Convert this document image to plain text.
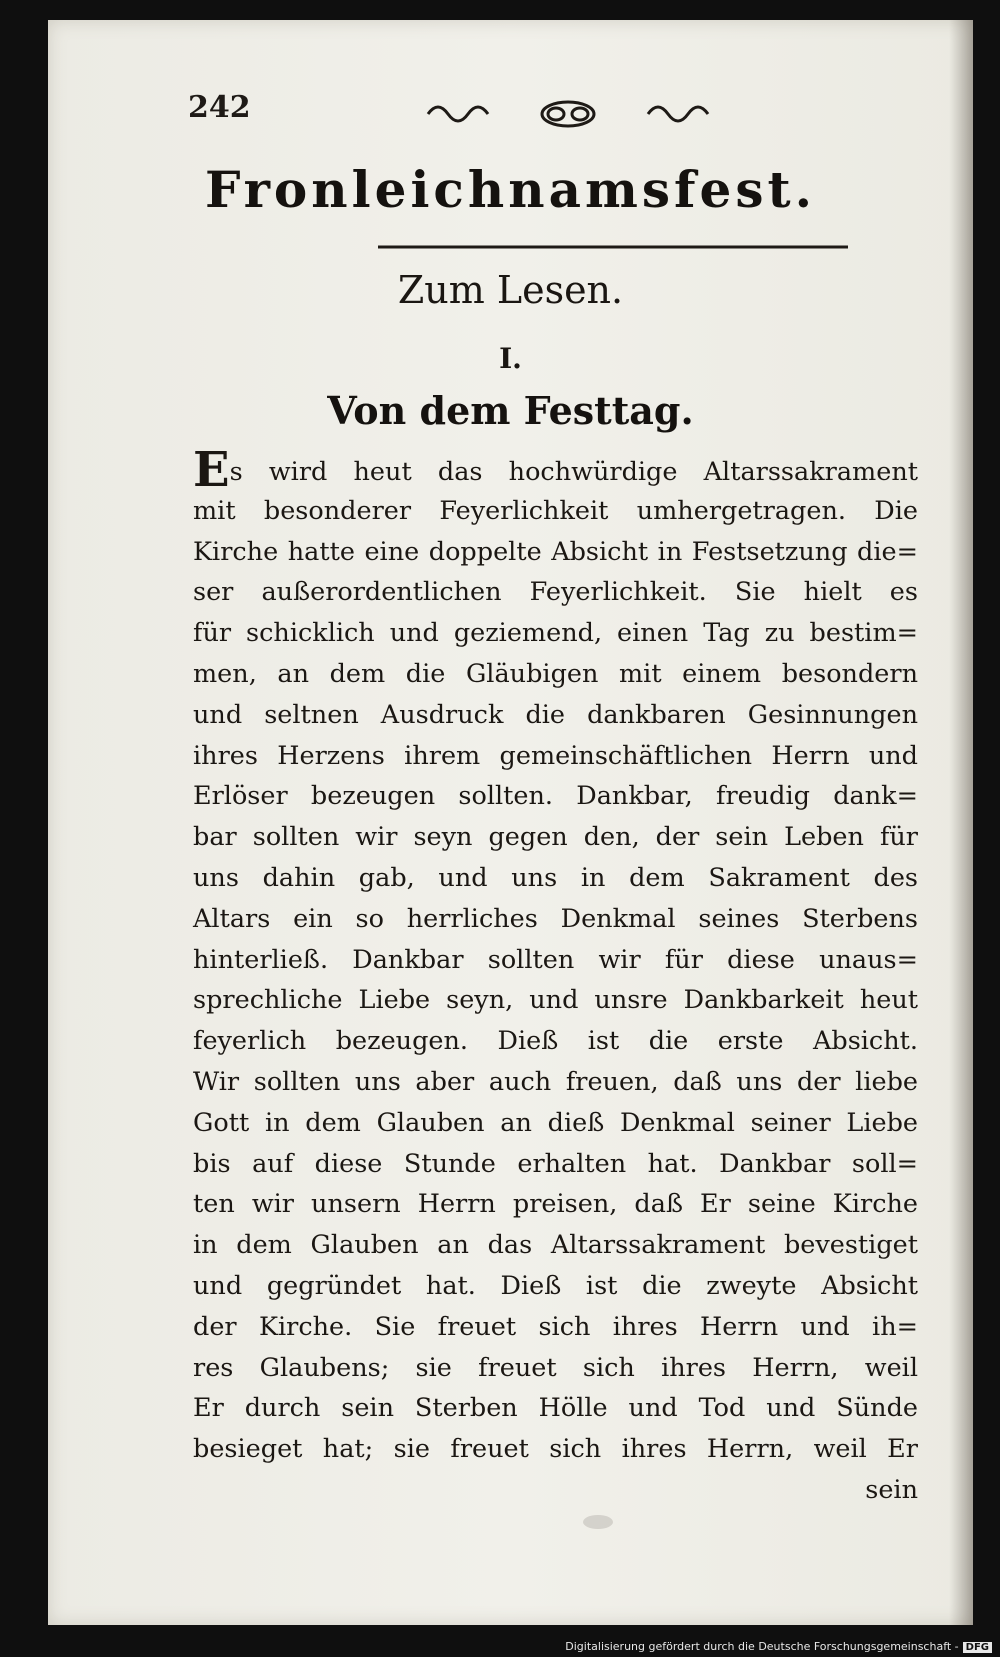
242
Fronleichnamsfest.
Zum Lesen.
I.
Von dem Festtag.
Es wird heut das hochwürdige Altarssakrament
mit besonderer Feyerlichkeit umhergetragen. Die
Kirche hatte eine doppelte Absicht in Festsetzung die=
ser außerordentlichen Feyerlichkeit. Sie hielt es
für schicklich und geziemend, einen Tag zu bestim=
men, an dem die Gläubigen mit einem besondern
und seltnen Ausdruck die dankbaren Gesinnungen
ihres Herzens ihrem gemeinschäftlichen Herrn und
Erlöser bezeugen sollten. Dankbar, freudig dank=
bar sollten wir seyn gegen den, der sein Leben für
uns dahin gab, und uns in dem Sakrament des
Altars ein so herrliches Denkmal seines Sterbens
hinterließ. Dankbar sollten wir für diese unaus=
sprechliche Liebe seyn, und unsre Dankbarkeit heut
feyerlich bezeugen. Dieß ist die erste Absicht.
Wir sollten uns aber auch freuen, daß uns der liebe
Gott in dem Glauben an dieß Denkmal seiner Liebe
bis auf diese Stunde erhalten hat. Dankbar soll=
ten wir unsern Herrn preisen, daß Er seine Kirche
in dem Glauben an das Altarssakrament bevestiget
und gegründet hat. Dieß ist die zweyte Absicht
der Kirche. Sie freuet sich ihres Herrn und ih=
res Glaubens; sie freuet sich ihres Herrn, weil
Er durch sein Sterben Hölle und Tod und Sünde
besieget hat; sie freuet sich ihres Herrn, weil Er
sein
Digitalisierung gefördert durch die Deutsche Forschungsgemeinschaft - DFG
